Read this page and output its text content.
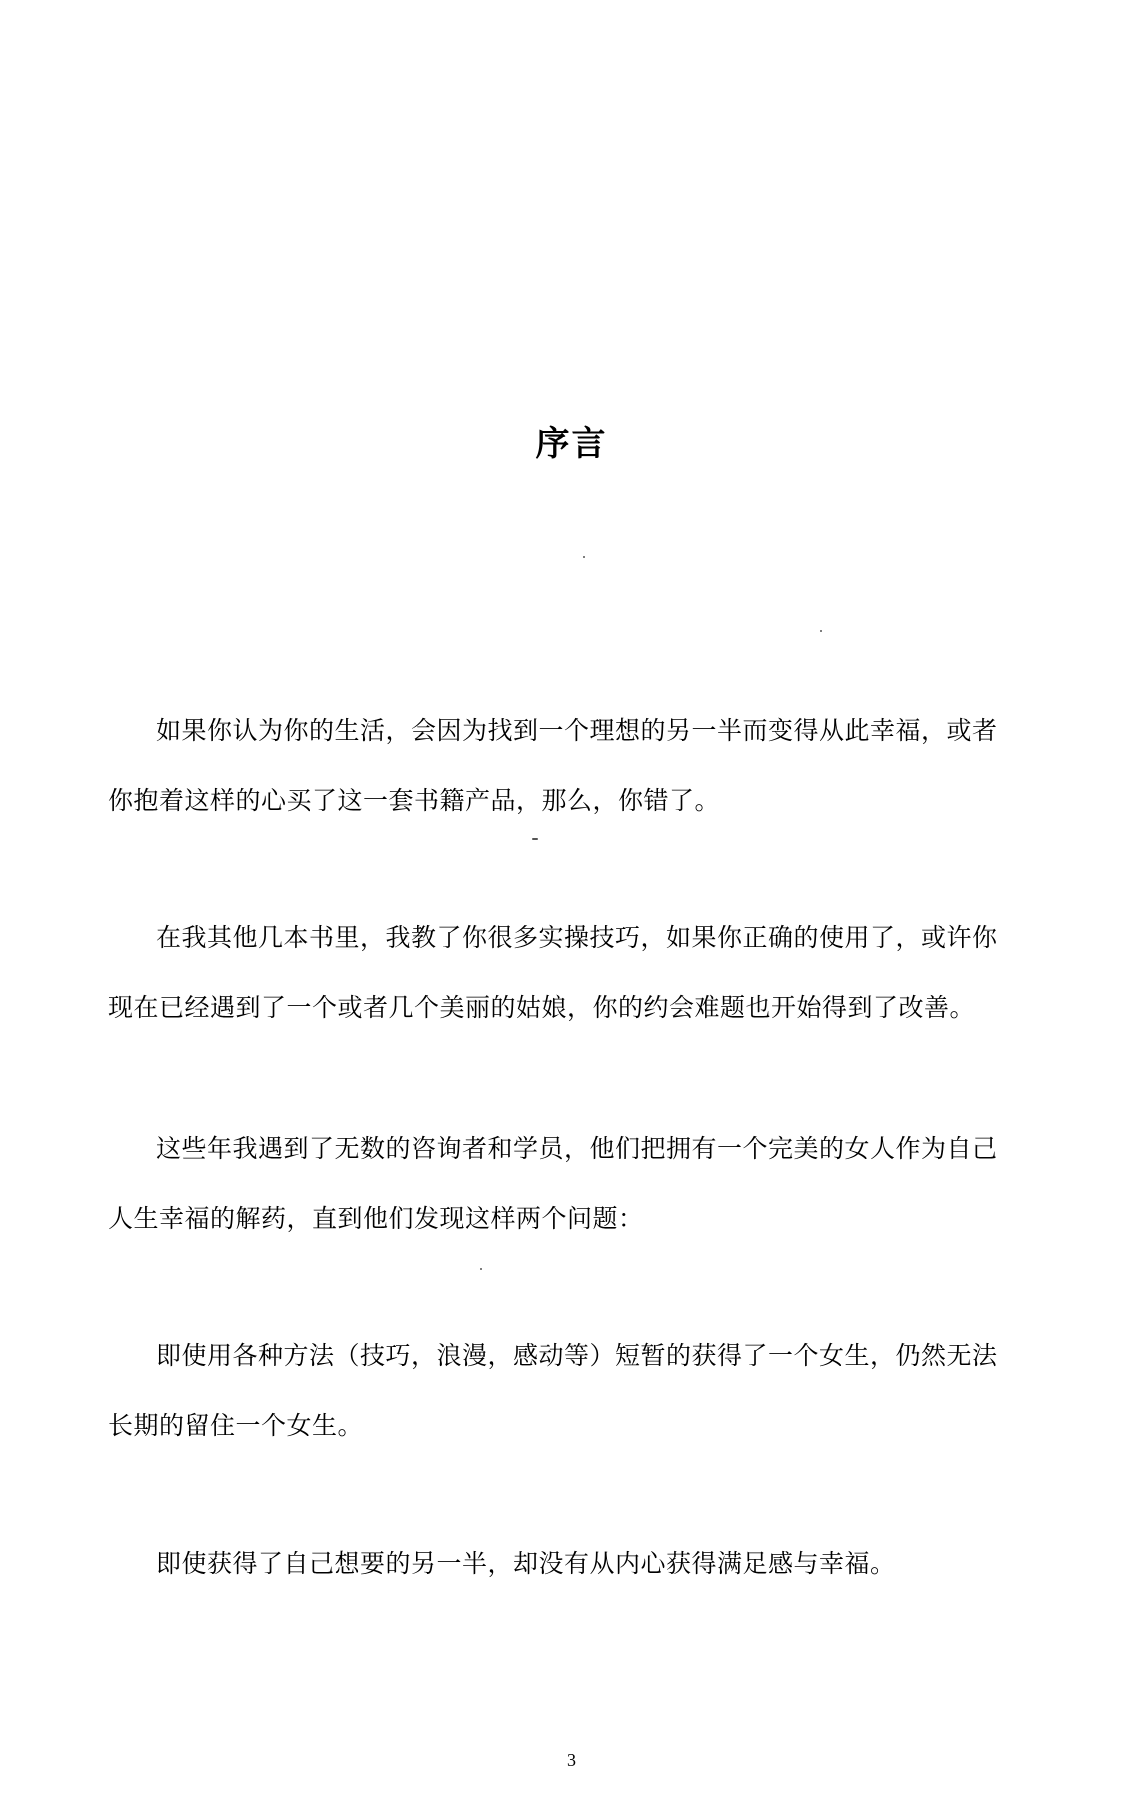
序言
如果你认为你的生活，会因为找到一个理想的另一半而变得从此幸福，或者
你抱着这样的心买了这一套书籍产品，那么，你错了。
在我其他几本书里，我教了你很多实操技巧，如果你正确的使用了，或许你
现在已经遇到了一个或者几个美丽的姑娘，你的约会难题也开始得到了改善。
这些年我遇到了无数的咨询者和学员，他们把拥有一个完美的女人作为自己
人生幸福的解药，直到他们发现这样两个问题：
即使用各种方法（技巧，浪漫，感动等）短暂的获得了一个女生，仍然无法
长期的留住一个女生。
即使获得了自己想要的另一半，却没有从内心获得满足感与幸福。
3
